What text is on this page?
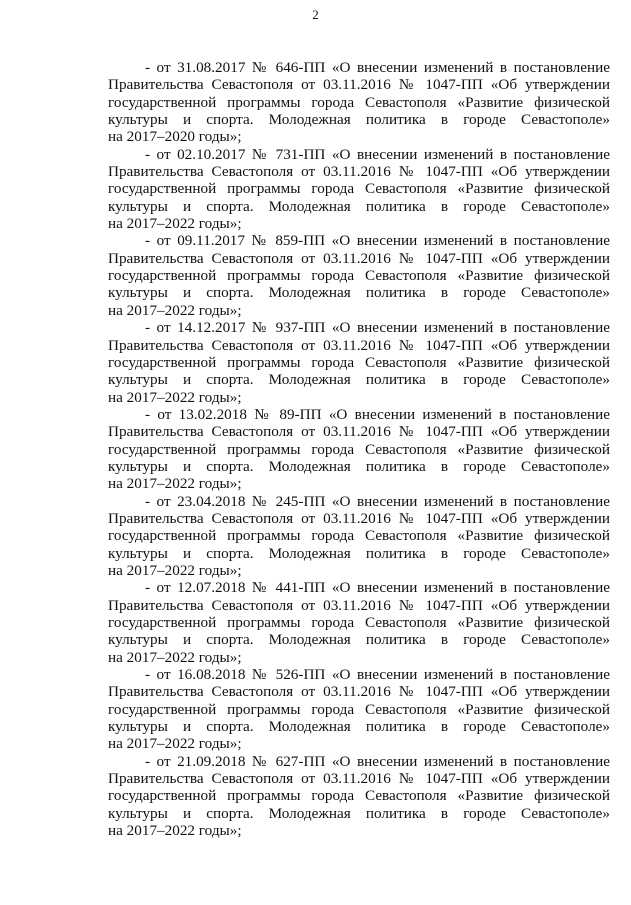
2
- от 31.08.2017 № 646-ПП «О внесении изменений в постановление
Правительства Севастополя от 03.11.2016 № 1047-ПП «Об утверждении
государственной программы города Севастополя «Развитие физической
культуры и спорта. Молодежная политика в городе Севастополе»
на 2017–2020 годы»;
- от 02.10.2017 № 731-ПП «О внесении изменений в постановление
Правительства Севастополя от 03.11.2016 № 1047-ПП «Об утверждении
государственной программы города Севастополя «Развитие физической
культуры и спорта. Молодежная политика в городе Севастополе»
на 2017–2022 годы»;
- от 09.11.2017 № 859-ПП «О внесении изменений в постановление
Правительства Севастополя от 03.11.2016 № 1047-ПП «Об утверждении
государственной программы города Севастополя «Развитие физической
культуры и спорта. Молодежная политика в городе Севастополе»
на 2017–2022 годы»;
- от 14.12.2017 № 937-ПП «О внесении изменений в постановление
Правительства Севастополя от 03.11.2016 № 1047-ПП «Об утверждении
государственной программы города Севастополя «Развитие физической
культуры и спорта. Молодежная политика в городе Севастополе»
на 2017–2022 годы»;
- от 13.02.2018 № 89-ПП «О внесении изменений в постановление
Правительства Севастополя от 03.11.2016 № 1047-ПП «Об утверждении
государственной программы города Севастополя «Развитие физической
культуры и спорта. Молодежная политика в городе Севастополе»
на 2017–2022 годы»;
- от 23.04.2018 № 245-ПП «О внесении изменений в постановление
Правительства Севастополя от 03.11.2016 № 1047-ПП «Об утверждении
государственной программы города Севастополя «Развитие физической
культуры и спорта. Молодежная политика в городе Севастополе»
на 2017–2022 годы»;
- от 12.07.2018 № 441-ПП «О внесении изменений в постановление
Правительства Севастополя от 03.11.2016 № 1047-ПП «Об утверждении
государственной программы города Севастополя «Развитие физической
культуры и спорта. Молодежная политика в городе Севастополе»
на 2017–2022 годы»;
- от 16.08.2018 № 526-ПП «О внесении изменений в постановление
Правительства Севастополя от 03.11.2016 № 1047-ПП «Об утверждении
государственной программы города Севастополя «Развитие физической
культуры и спорта. Молодежная политика в городе Севастополе»
на 2017–2022 годы»;
- от 21.09.2018 № 627-ПП «О внесении изменений в постановление
Правительства Севастополя от 03.11.2016 № 1047-ПП «Об утверждении
государственной программы города Севастополя «Развитие физической
культуры и спорта. Молодежная политика в городе Севастополе»
на 2017–2022 годы»;
